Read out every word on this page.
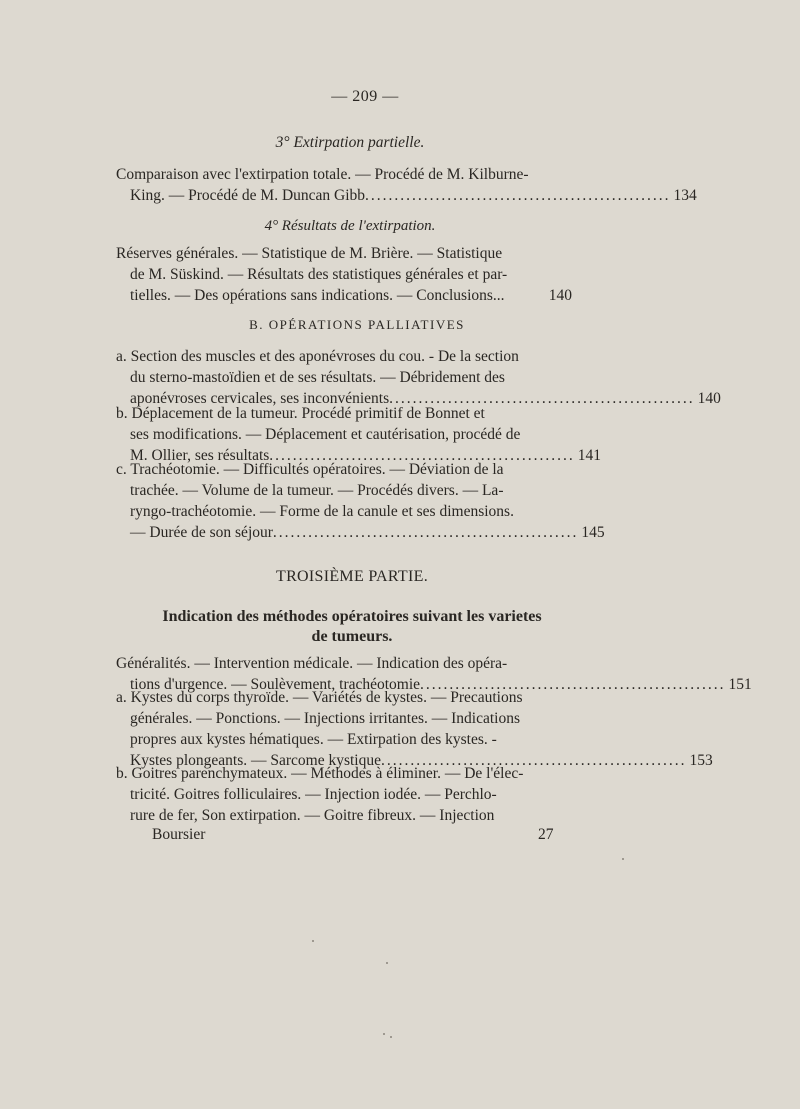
— 209 —
3° Extirpation partielle.
Comparaison avec l'extirpation totale. — Procédé de M. Kilburne-
King. — Procédé de M. Duncan Gibb .................................................... 134
4° Résultats de l'extirpation.
Réserves générales. — Statistique de M. Brière. — Statistique
de M. Süskind. — Résultats des statistiques générales et par-
tielles. — Des opérations sans indications. — Conclusions...	140
B. OPÉRATIONS PALLIATIVES
a. Section des muscles et des aponévroses du cou. - De la section
du sterno-mastoïdien et de ses résultats. — Débridement des
aponévroses cervicales, ses inconvénients .................................................... 140
b. Déplacement de la tumeur. Procédé primitif de Bonnet et
ses modifications. — Déplacement et cautérisation, procédé de
M. Ollier, ses résultats .................................................... 141
c. Trachéotomie. — Difficultés opératoires. — Déviation de la
trachée. — Volume de la tumeur. — Procédés divers. — La-
ryngo-trachéotomie. — Forme de la canule et ses dimensions.
— Durée de son séjour .................................................... 145
TROISIÈME PARTIE.
Indication des méthodes opératoires suivant les varietes
de tumeurs.
Généralités. — Intervention médicale. — Indication des opéra-
tions d'urgence. — Soulèvement, trachéotomie .................................................... 151
a. Kystes du corps thyroïde. — Variétés de kystes. — Precautions
générales. — Ponctions. — Injections irritantes. — Indications
propres aux kystes hématiques. — Extirpation des kystes. -
Kystes plongeants. — Sarcome kystique .................................................... 153
b. Goitres parenchymateux. — Méthodes à éliminer. — De l'élec-
tricité. Goitres folliculaires. — Injection iodée. — Perchlo-
rure de fer, Son extirpation. — Goitre fibreux. — Injection
Boursier	27
